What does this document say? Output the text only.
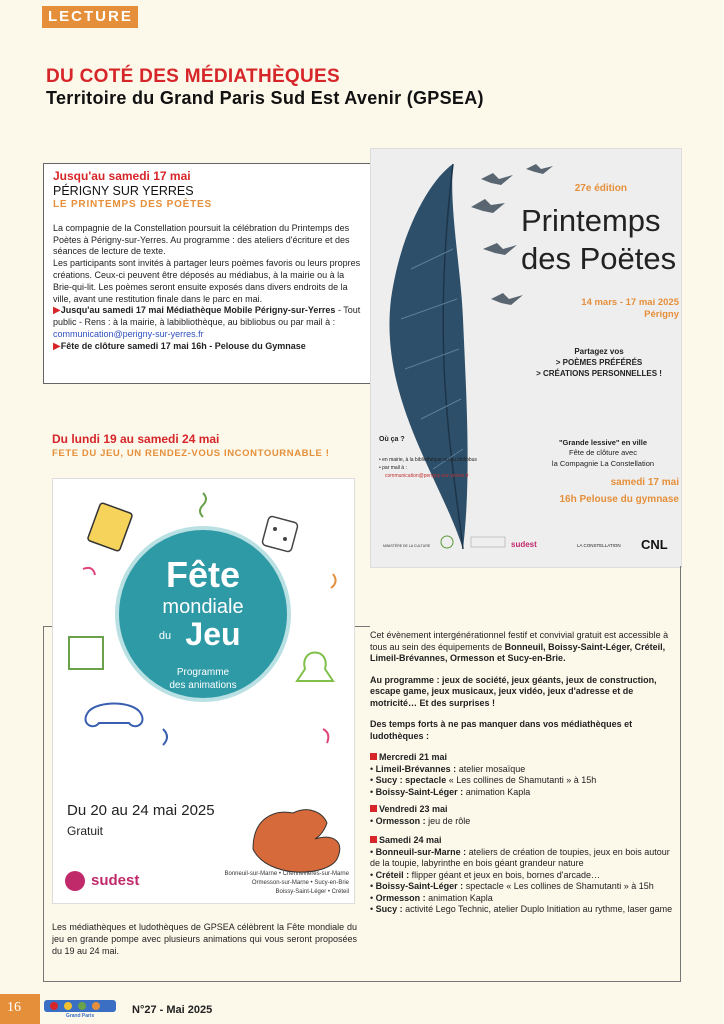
LECTURE
DU COTÉ DES MÉDIATHÈQUES
Territoire du Grand Paris Sud Est Avenir (GPSEA)
Jusqu'au samedi 17 mai
PÉRIGNY SUR YERRES
LE PRINTEMPS DES POÈTES

La compagnie de la Constellation poursuit la célébration du Printemps des Poètes à Périgny-sur-Yerres. Au programme : des ateliers d'écriture et des séances de lecture de texte.

Les participants sont invités à partager leurs poèmes favoris ou leurs propres créations. Ceux-ci peuvent être déposés au médiabus, à la mairie ou à la Brie-qui-lit. Les poèmes seront ensuite exposés dans divers endroits de la ville, avant une restitution finale dans le parc en mai.

▶Jusqu'au samedi 17 mai Médiathèque Mobile Périgny-sur-Yerres - Tout public - Rens : à la mairie, à labibliothèque, au bibliobus ou par mail à : communication@perigny-sur-yerres.fr

▶Fête de clôture samedi 17 mai 16h - Pelouse du Gymnase

27e édition
Printemps
des Poëtes
14 mars - 17 mai 2025
Périgny
Partagez vos
> POÈMES PRÉFÉRÉS
> CRÉATIONS PERSONNELLES !
Où ça ?
• en mairie, à la bibliothèque ou au bibliobus
• par mail à :
communication@perigny-sur-yerres.fr
"Grande lessive" en ville
Fête de clôture avec
la Compagnie La Constellation
samedi 17 mai
16h Pelouse du gymnase
MINISTÈRE DE LA CULTURE	sudest	LA CONSTELLATION CNL
Du lundi 19 au samedi 24 mai
FETE DU JEU, UN RENDEZ-VOUS INCONTOURNABLE !
Fête
mondiale
du Jeu
Programme
des animations
Du 20 au 24 mai 2025
Gratuit
sudest	Bonneuil-sur-Marne • Chennevières-sur-Marne
Ormesson-sur-Marne • Sucy-en-Brie
Boissy-Saint-Léger • Créteil
Les médiathèques et ludothèques de GPSEA célèbrent la Fête mondiale du jeu en grande pompe avec plusieurs animations qui vous seront proposées du 19 au 24 mai.

Cet évènement intergénérationnel festif et convivial gratuit est accessible à tous au sein des équipements de Bonneuil, Boissy-Saint-Léger, Créteil, Limeil-Brévannes, Ormesson et Sucy-en-Brie.

Au programme : jeux de société, jeux géants, jeux de construction, escape game, jeux musicaux, jeux vidéo, jeux d'adresse et de motricité… Et des surprises !

Des temps forts à ne pas manquer dans vos médiathèques et ludothèques :

Mercredi 21 mai
• Limeil-Brévannes : atelier mosaïque
• Sucy : spectacle « Les collines de Shamutanti » à 15h
• Boissy-Saint-Léger : animation Kapla
Vendredi 23 mai
• Ormesson : jeu de rôle
Samedi 24 mai
• Bonneuil-sur-Marne : ateliers de création de toupies, jeux en bois autour de la toupie, labyrinthe en bois géant grandeur nature
• Créteil : flipper géant et jeux en bois, bornes d'arcade…
• Boissy-Saint-Léger : spectacle « Les collines de Shamutanti » à 15h
• Ormesson : animation Kapla
• Sucy : activité Lego Technic, atelier Duplo Initiation au rythme, laser game
16
Grand Paris	N°27 - Mai 2025
